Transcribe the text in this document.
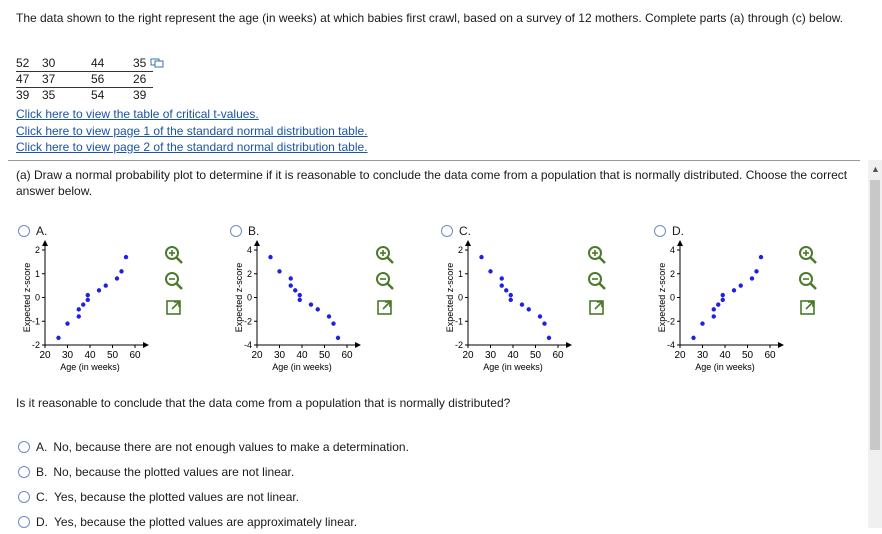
The data shown to the right represent the age (in weeks) at which babies first crawl, based on a survey of 12 mothers. Complete parts (a) through (c) below.
52	30	44	35
47	37	56	26
39	35	54	39
Click here to view the table of critical t-values.
Click here to view page 1 of the standard normal distribution table.
Click here to view page 2 of the standard normal distribution table.
(a) Draw a normal probability plot to determine if it is reasonable to conclude the data come from a population that is normally distributed. Choose the correct answer below.
▲
A.	B.	C.	D.
2
1
0
-1
-2
20 30 40 50 60
Age (in weeks)
Expected z-score
4
2
0
-2
-4
20 30 40 50 60
Age (in weeks)
Expected z-score
2
1
0
-1
-2
20 30 40 50 60
Age (in weeks)
Expected z-score
4
2
0
-2
-4
20 30 40 50 60
Age (in weeks)
Expected z-score
Is it reasonable to conclude that the data come from a population that is normally distributed?
A. No, because there are not enough values to make a determination.
B. No, because the plotted values are not linear.
C. Yes, because the plotted values are not linear.
D. Yes, because the plotted values are approximately linear.
